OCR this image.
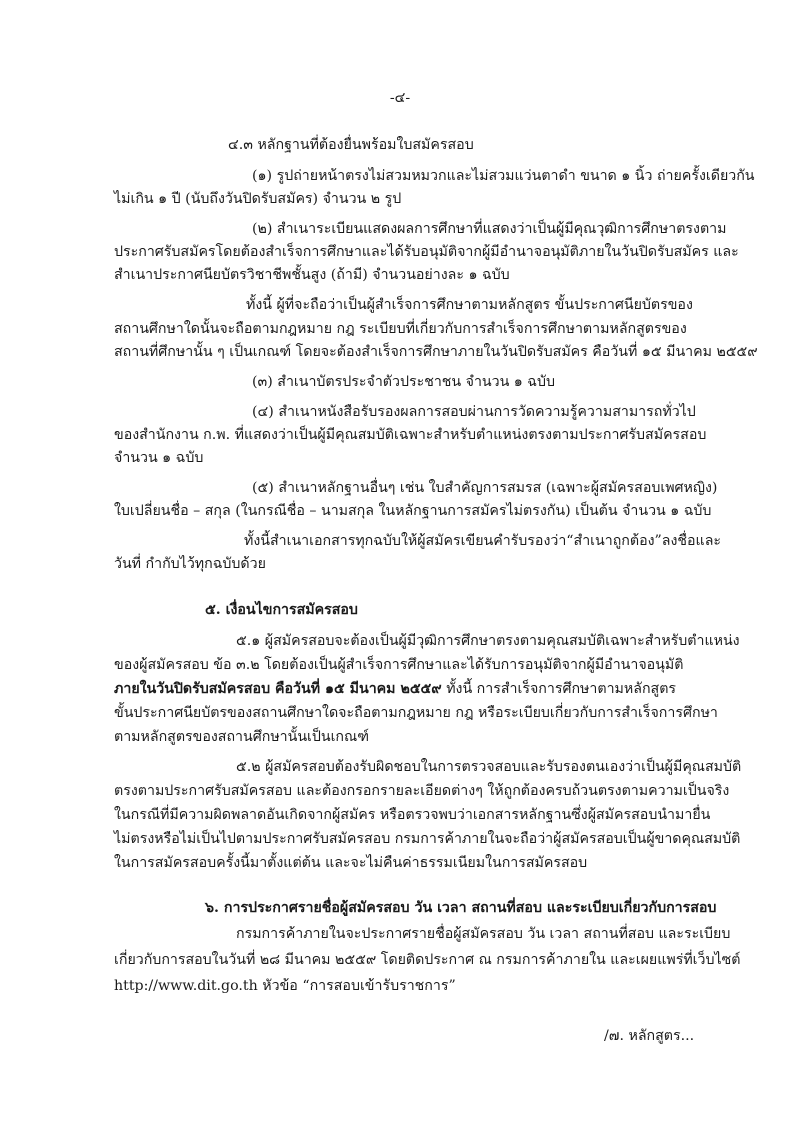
-๔-
๔.๓ หลักฐานที่ต้องยื่นพร้อมใบสมัครสอบ
(๑) รูปถ่ายหน้าตรงไม่สวมหมวกและไม่สวมแว่นตาดำ ขนาด ๑ นิ้ว ถ่ายครั้งเดียวกัน
ไม่เกิน ๑ ปี (นับถึงวันปิดรับสมัคร) จำนวน ๒ รูป
(๒) สำเนาระเบียนแสดงผลการศึกษาที่แสดงว่าเป็นผู้มีคุณวุฒิการศึกษาตรงตาม
ประกาศรับสมัครโดยต้องสำเร็จการศึกษาและได้รับอนุมัติจากผู้มีอำนาจอนุมัติภายในวันปิดรับสมัคร และ
สำเนาประกาศนียบัตรวิชาชีพชั้นสูง (ถ้ามี) จำนวนอย่างละ ๑ ฉบับ
ทั้งนี้ ผู้ที่จะถือว่าเป็นผู้สำเร็จการศึกษาตามหลักสูตร ขั้นประกาศนียบัตรของ
สถานศึกษาใดนั้นจะถือตามกฎหมาย กฎ ระเบียบที่เกี่ยวกับการสำเร็จการศึกษาตามหลักสูตรของ
สถานที่ศึกษานั้น ๆ เป็นเกณฑ์ โดยจะต้องสำเร็จการศึกษาภายในวันปิดรับสมัคร คือวันที่ ๑๕ มีนาคม ๒๕๕๙
(๓) สำเนาบัตรประจำตัวประชาชน จำนวน ๑ ฉบับ
(๔) สำเนาหนังสือรับรองผลการสอบผ่านการวัดความรู้ความสามารถทั่วไป
ของสำนักงาน ก.พ. ที่แสดงว่าเป็นผู้มีคุณสมบัติเฉพาะสำหรับตำแหน่งตรงตามประกาศรับสมัครสอบ
จำนวน ๑ ฉบับ
(๕) สำเนาหลักฐานอื่นๆ เช่น ใบสำคัญการสมรส (เฉพาะผู้สมัครสอบเพศหญิง)
ใบเปลี่ยนชื่อ – สกุล (ในกรณีชื่อ – นามสกุล ในหลักฐานการสมัครไม่ตรงกัน) เป็นต้น จำนวน ๑ ฉบับ
ทั้งนี้สำเนาเอกสารทุกฉบับให้ผู้สมัครเขียนคำรับรองว่า“สำเนาถูกต้อง”ลงชื่อและ
วันที่ กำกับไว้ทุกฉบับด้วย
๕. เงื่อนไขการสมัครสอบ
๕.๑ ผู้สมัครสอบจะต้องเป็นผู้มีวุฒิการศึกษาตรงตามคุณสมบัติเฉพาะสำหรับตำแหน่ง
ของผู้สมัครสอบ ข้อ ๓.๒ โดยต้องเป็นผู้สำเร็จการศึกษาและได้รับการอนุมัติจากผู้มีอำนาจอนุมัติ
ภายในวันปิดรับสมัครสอบ คือวันที่ ๑๕ มีนาคม ๒๕๕๙ ทั้งนี้ การสำเร็จการศึกษาตามหลักสูตร
ขั้นประกาศนียบัตรของสถานศึกษาใดจะถือตามกฎหมาย กฎ หรือระเบียบเกี่ยวกับการสำเร็จการศึกษา
ตามหลักสูตรของสถานศึกษานั้นเป็นเกณฑ์
๕.๒ ผู้สมัครสอบต้องรับผิดชอบในการตรวจสอบและรับรองตนเองว่าเป็นผู้มีคุณสมบัติ
ตรงตามประกาศรับสมัครสอบ และต้องกรอกรายละเอียดต่างๆ ให้ถูกต้องครบถ้วนตรงตามความเป็นจริง
ในกรณีที่มีความผิดพลาดอันเกิดจากผู้สมัคร หรือตรวจพบว่าเอกสารหลักฐานซึ่งผู้สมัครสอบนำมายื่น
ไม่ตรงหรือไม่เป็นไปตามประกาศรับสมัครสอบ กรมการค้าภายในจะถือว่าผู้สมัครสอบเป็นผู้ขาดคุณสมบัติ
ในการสมัครสอบครั้งนี้มาตั้งแต่ต้น และจะไม่คืนค่าธรรมเนียมในการสมัครสอบ
๖. การประกาศรายชื่อผู้สมัครสอบ วัน เวลา สถานที่สอบ และระเบียบเกี่ยวกับการสอบ
กรมการค้าภายในจะประกาศรายชื่อผู้สมัครสอบ วัน เวลา สถานที่สอบ และระเบียบ
เกี่ยวกับการสอบในวันที่ ๒๘ มีนาคม ๒๕๕๙ โดยติดประกาศ ณ กรมการค้าภายใน และเผยแพร่ที่เว็บไซต์
http://www.dit.go.th หัวข้อ “การสอบเข้ารับราชการ”
/๗. หลักสูตร...
